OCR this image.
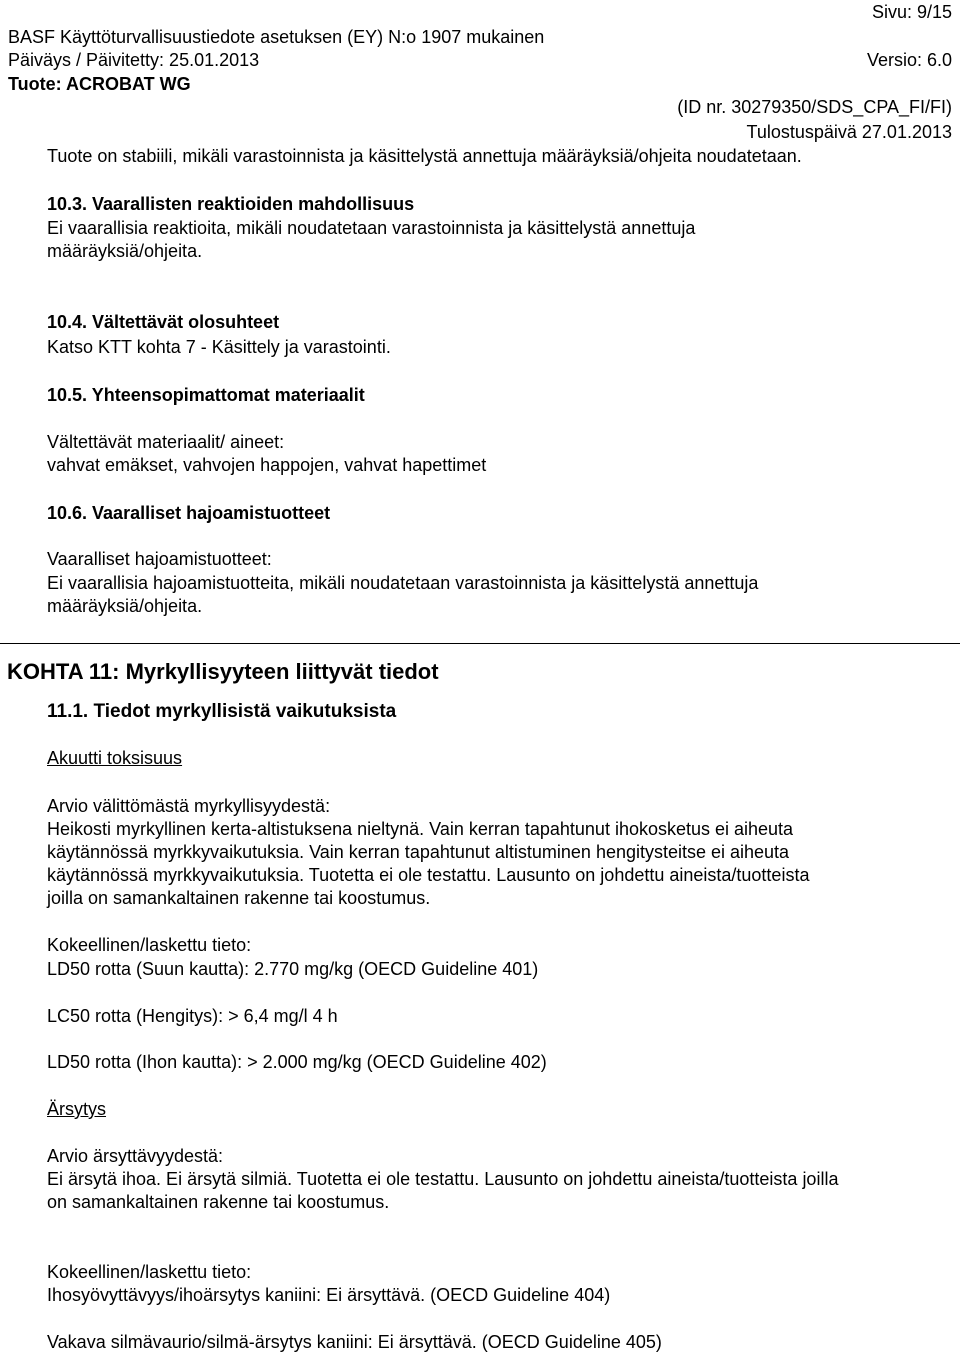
Sivu: 9/15
BASF Käyttöturvallisuustiedote asetuksen (EY) N:o 1907 mukainen
Päiväys / Päivitetty: 25.01.2013	Versio: 6.0
Tuote: ACROBAT WG
(ID nr. 30279350/SDS_CPA_FI/FI)
Tulostuspäivä 27.01.2013
Tuote on stabiili, mikäli varastoinnista ja käsittelystä annettuja määräyksiä/ohjeita noudatetaan.
10.3. Vaarallisten reaktioiden mahdollisuus
Ei vaarallisia reaktioita, mikäli noudatetaan varastoinnista ja käsittelystä annettuja
määräyksiä/ohjeita.
10.4. Vältettävät olosuhteet
Katso KTT kohta 7 - Käsittely ja varastointi.
10.5. Yhteensopimattomat materiaalit
Vältettävät materiaalit/ aineet:
vahvat emäkset, vahvojen happojen, vahvat hapettimet
10.6. Vaaralliset hajoamistuotteet
Vaaralliset hajoamistuotteet:
Ei vaarallisia hajoamistuotteita, mikäli noudatetaan varastoinnista ja käsittelystä annettuja
määräyksiä/ohjeita.
KOHTA 11: Myrkyllisyyteen liittyvät tiedot
11.1. Tiedot myrkyllisistä vaikutuksista
Akuutti toksisuus
Arvio välittömästä myrkyllisyydestä:
Heikosti myrkyllinen kerta-altistuksena nieltynä. Vain kerran tapahtunut ihokosketus ei aiheuta
käytännössä myrkkyvaikutuksia. Vain kerran tapahtunut altistuminen hengitysteitse ei aiheuta
käytännössä myrkkyvaikutuksia. Tuotetta ei ole testattu. Lausunto on johdettu aineista/tuotteista
joilla on samankaltainen rakenne tai koostumus.
Kokeellinen/laskettu tieto:
LD50 rotta (Suun kautta): 2.770 mg/kg (OECD Guideline 401)
LC50 rotta (Hengitys): > 6,4 mg/l 4 h
LD50 rotta (Ihon kautta): > 2.000 mg/kg (OECD Guideline 402)
Ärsytys
Arvio ärsyttävyydestä:
Ei ärsytä ihoa. Ei ärsytä silmiä. Tuotetta ei ole testattu. Lausunto on johdettu aineista/tuotteista joilla
on samankaltainen rakenne tai koostumus.
Kokeellinen/laskettu tieto:
Ihosyövyttävyys/ihoärsytys kaniini: Ei ärsyttävä. (OECD Guideline 404)
Vakava silmävaurio/silmä-ärsytys kaniini: Ei ärsyttävä. (OECD Guideline 405)
